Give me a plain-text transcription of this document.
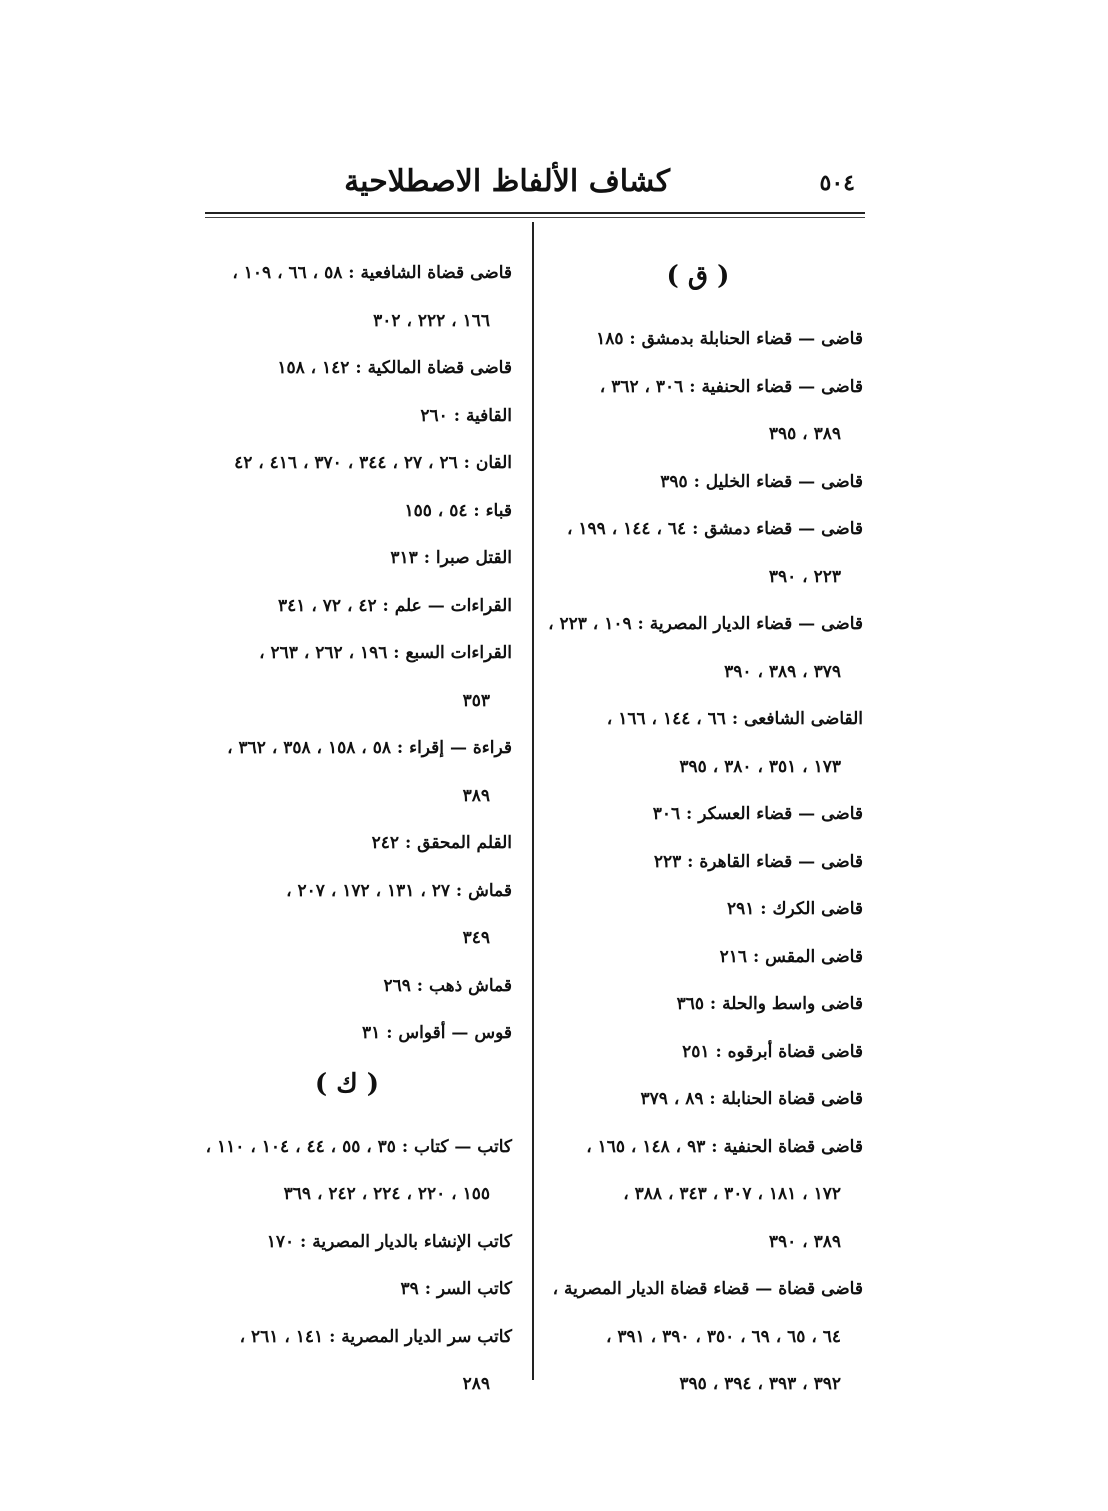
٥٠٤
كشاف الألفاظ الاصطلاحية
( ق )
قاضى — قضاء الحنابلة بدمشق : ١٨٥
قاضى — قضاء الحنفية : ٣٠٦ ، ٣٦٢ ،
٣٨٩ ، ٣٩٥
قاضى — قضاء الخليل : ٣٩٥
قاضى — قضاء دمشق : ٦٤ ، ١٤٤ ، ١٩٩ ،
٢٢٣ ، ٣٩٠
قاضى — قضاء الديار المصرية : ١٠٩ ، ٢٢٣ ،
٣٧٩ ، ٣٨٩ ، ٣٩٠
القاضى الشافعى : ٦٦ ، ١٤٤ ، ١٦٦ ،
١٧٣ ، ٣٥١ ، ٣٨٠ ، ٣٩٥
قاضى — قضاء العسكر : ٣٠٦
قاضى — قضاء القاهرة : ٢٢٣
قاضى الكرك : ٢٩١
قاضى المقس : ٢١٦
قاضى واسط والحلة : ٣٦٥
قاضى قضاة أبرقوه : ٢٥١
قاضى قضاة الحنابلة : ٨٩ ، ٣٧٩
قاضى قضاة الحنفية : ٩٣ ، ١٤٨ ، ١٦٥ ،
١٧٢ ، ١٨١ ، ٣٠٧ ، ٣٤٣ ، ٣٨٨ ،
٣٨٩ ، ٣٩٠
قاضى قضاة — قضاء قضاة الديار المصرية ،
٦٤ ، ٦٥ ، ٦٩ ، ٣٥٠ ، ٣٩٠ ، ٣٩١ ،
٣٩٢ ، ٣٩٣ ، ٣٩٤ ، ٣٩٥
قاضى قضاة الشافعية : ٥٨ ، ٦٦ ، ١٠٩ ،
١٦٦ ، ٢٢٢ ، ٣٠٢
قاضى قضاة المالكية : ١٤٢ ، ١٥٨
القافية : ٢٦٠
القان : ٢٦ ، ٢٧ ، ٣٤٤ ، ٣٧٠ ، ٤١٦ ، ٤٢
قباء : ٥٤ ، ١٥٥
القتل صبرا : ٣١٣
القراءات — علم : ٤٢ ، ٧٢ ، ٣٤١
القراءات السبع : ١٩٦ ، ٢٦٢ ، ٢٦٣ ،
٣٥٣
قراءة — إقراء : ٥٨ ، ١٥٨ ، ٣٥٨ ، ٣٦٢ ،
٣٨٩
القلم المحقق : ٢٤٢
قماش : ٢٧ ، ١٣١ ، ١٧٢ ، ٢٠٧ ،
٣٤٩
قماش ذهب : ٢٦٩
قوس — أقواس : ٣١
( ك )
كاتب — كتاب : ٣٥ ، ٥٥ ، ٤٤ ، ١٠٤ ، ١١٠ ،
١٥٥ ، ٢٢٠ ، ٢٢٤ ، ٢٤٢ ، ٣٦٩
كاتب الإنشاء بالديار المصرية : ١٧٠
كاتب السر : ٣٩
كاتب سر الديار المصرية : ١٤١ ، ٢٦١ ،
٢٨٩
